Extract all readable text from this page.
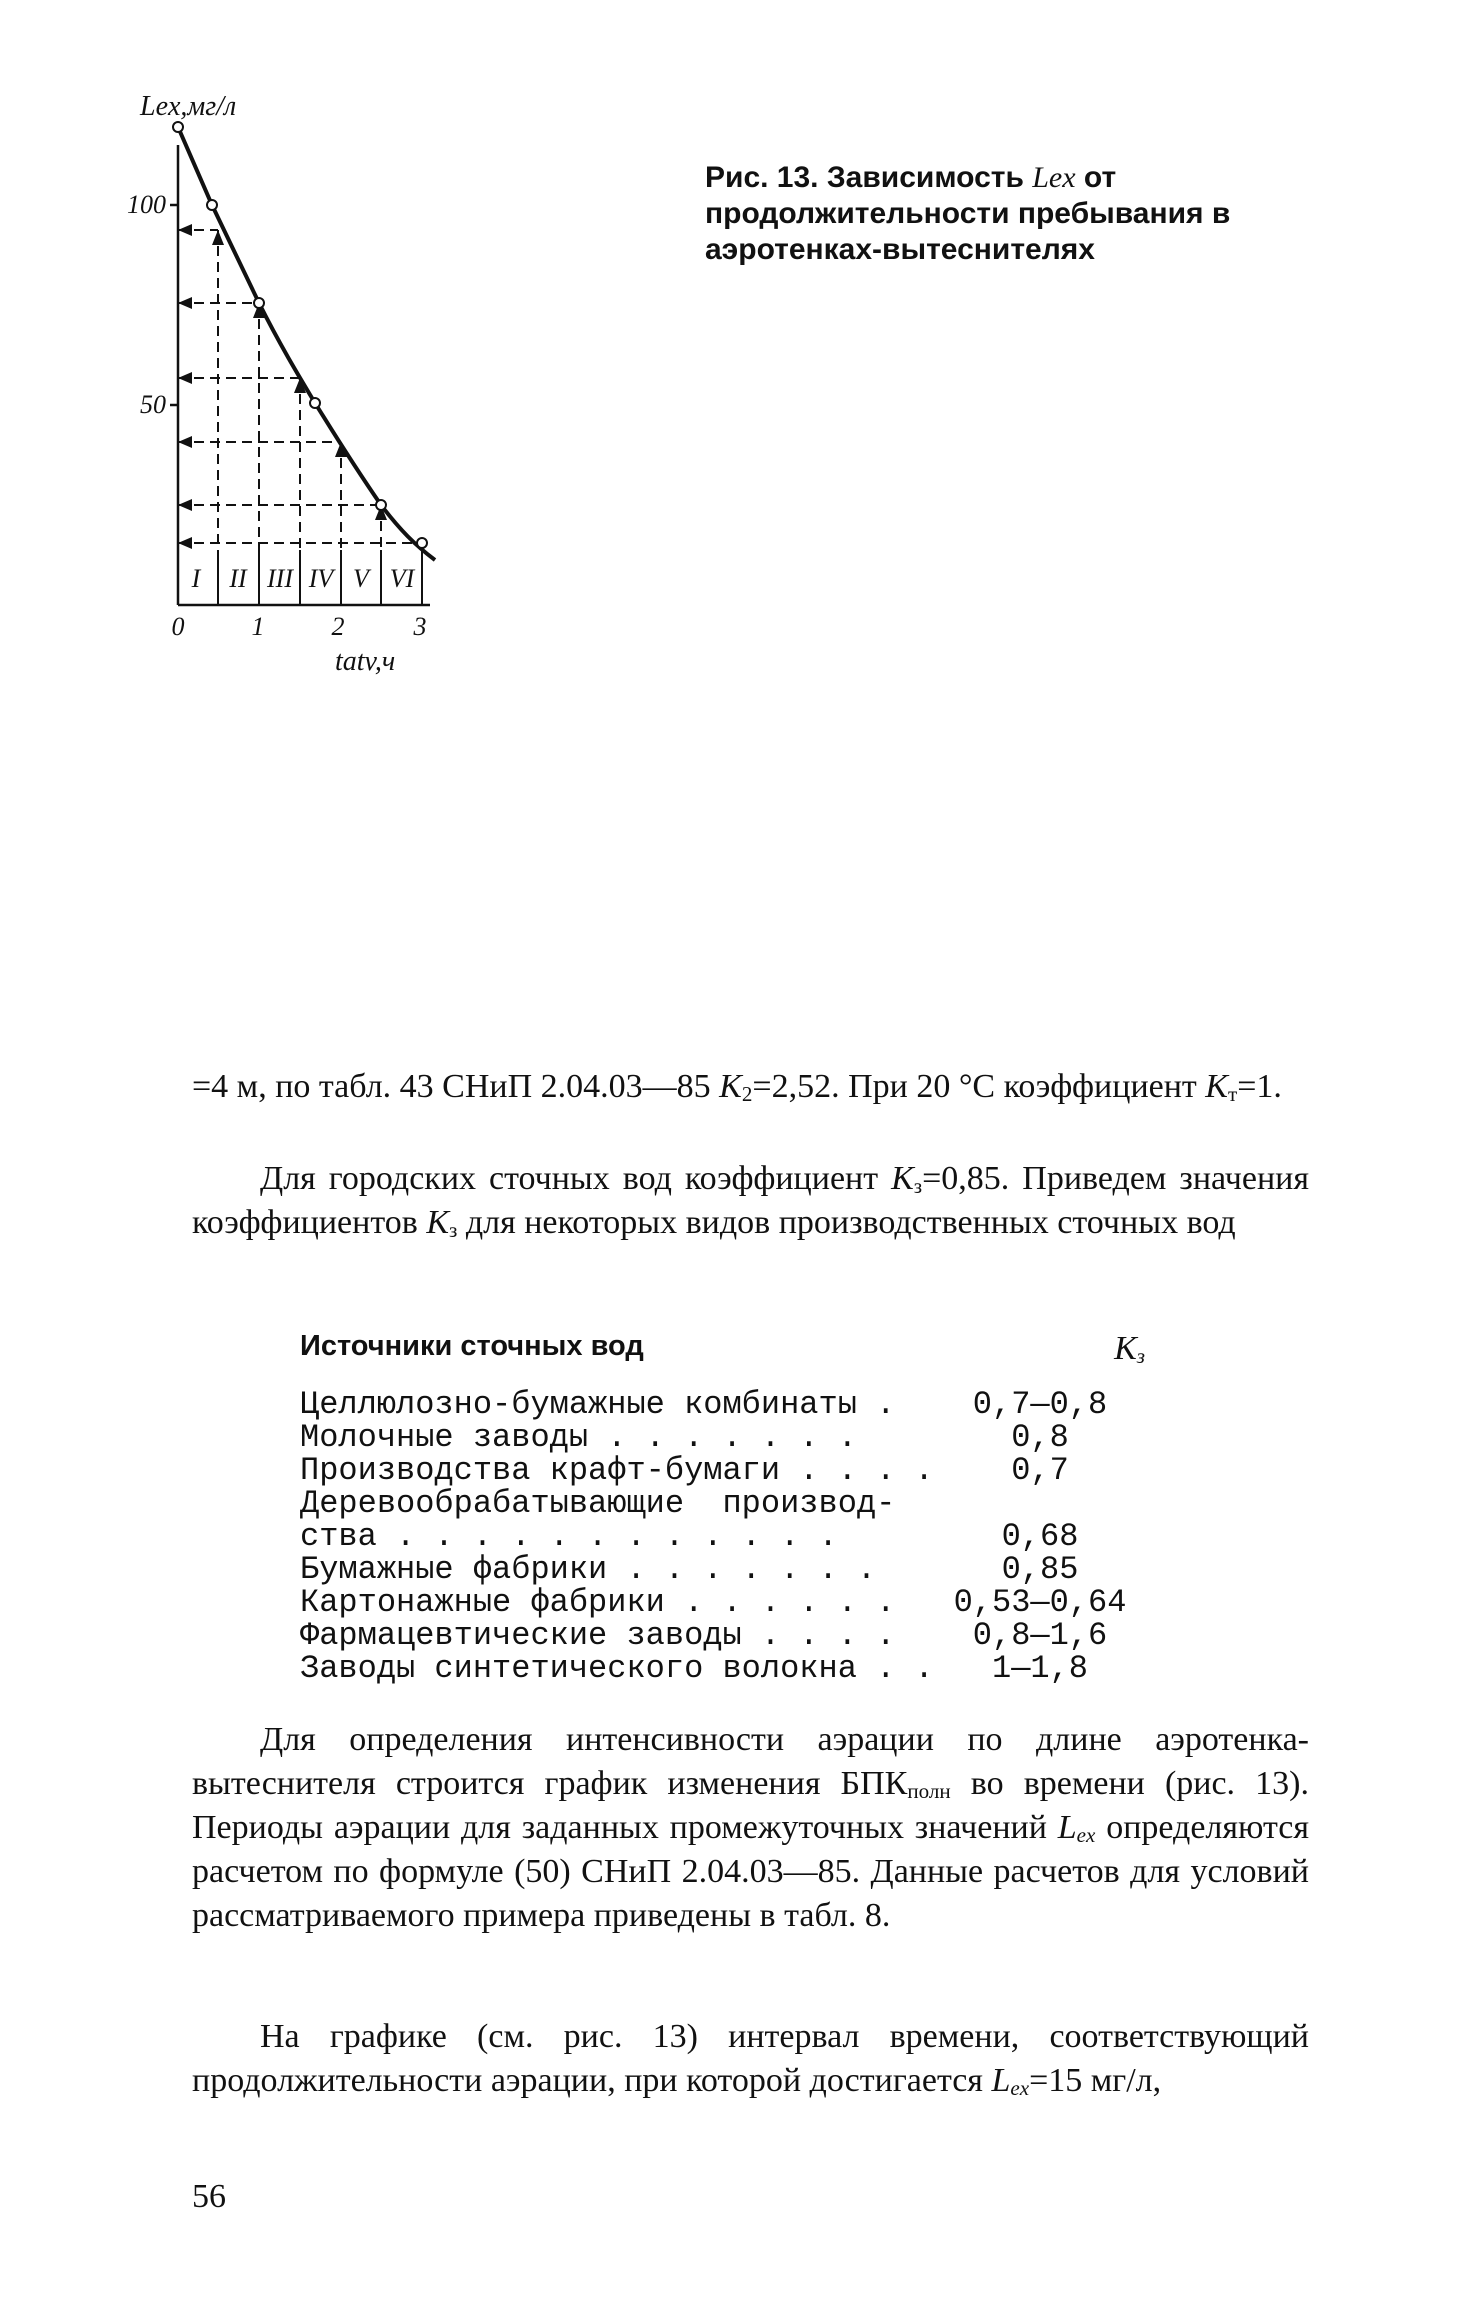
I II III IV V VI
100
50
0	1	2	3
Lex,мг/л
tatv,ч
Рис. 13. Зависимость Lex от продолжительности пребывания в аэротенках-вытеснителях

=4 м, по табл. 43 СНиП 2.04.03—85 $K_2=2,52$. При 20 °С коэффициент $K_т=1$.

Для городских сточных вод коэффициент $K_з=0,85$. Приведем значения коэффициентов $K_з$ для некоторых видов производственных сточных вод

Источники сточных вод	$K_з$
Целлюлозно-бумажные комбинаты .	0,7—0,8
Молочные заводы . . . . . . .	0,8
Производства крафт-бумаги . . . .	0,7
Деревообрабатывающие  производ-
ства . . . . . . . . . . . .	0,68
Бумажные фабрики . . . . . . .	0,85
Картонажные фабрики . . . . . .	0,53—0,64
Фармацевтические заводы . . . .	0,8—1,6
Заводы синтетического волокна . .	1—1,8

Для определения интенсивности аэрации по длине аэротенка-вытеснителя строится график изменения $БПК_{полн}$ во времени (рис. 13). Периоды аэрации для заданных промежуточных значений $L_{ex}$ определяются расчетом по формуле (50) СНиП 2.04.03—85. Данные расчетов для условий рассматриваемого примера приведены в табл. 8.

На графике (см. рис. 13) интервал времени, соответствующий продолжительности аэрации, при которой достигается $L_{ex}=15$ мг/л,

56
